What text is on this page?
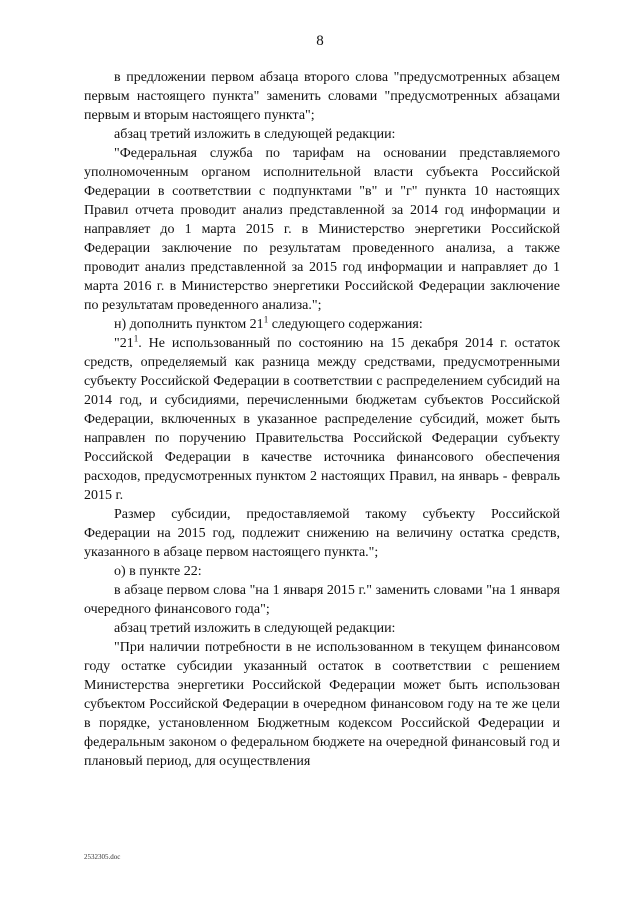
8

в предложении первом абзаца второго слова "предусмотренных абзацем первым настоящего пункта" заменить словами "предусмотренных абзацами первым и вторым настоящего пункта";

абзац третий изложить в следующей редакции:

"Федеральная служба по тарифам на основании представляемого уполномоченным органом исполнительной власти субъекта Российской Федерации в соответствии с подпунктами "в" и "г" пункта 10 настоящих Правил отчета проводит анализ представленной за 2014 год информации и направляет до 1 марта 2015 г. в Министерство энергетики Российской Федерации заключение по результатам проведенного анализа, а также проводит анализ представленной за 2015 год информации и направляет до 1 марта 2016 г. в Министерство энергетики Российской Федерации заключение по результатам проведенного анализа.";

н) дополнить пунктом $21^1$ следующего содержания:

"$21^1$. Не использованный по состоянию на 15 декабря 2014 г. остаток средств, определяемый как разница между средствами, предусмотренными субъекту Российской Федерации в соответствии с распределением субсидий на 2014 год, и субсидиями, перечисленными бюджетам субъектов Российской Федерации, включенных в указанное распределение субсидий, может быть направлен по поручению Правительства Российской Федерации субъекту Российской Федерации в качестве источника финансового обеспечения расходов, предусмотренных пунктом 2 настоящих Правил, на январь - февраль 2015 г.

Размер субсидии, предоставляемой такому субъекту Российской Федерации на 2015 год, подлежит снижению на величину остатка средств, указанного в абзаце первом настоящего пункта.";

о) в пункте 22:

в абзаце первом слова "на 1 января 2015 г." заменить словами "на 1 января очередного финансового года";

абзац третий изложить в следующей редакции:

"При наличии потребности в не использованном в текущем финансовом году остатке субсидии указанный остаток в соответствии с решением Министерства энергетики Российской Федерации может быть использован субъектом Российской Федерации в очередном финансовом году на те же цели в порядке, установленном Бюджетным кодексом Российской Федерации и федеральным законом о федеральном бюджете на очередной финансовый год и плановый период, для осуществления

2532305.doc
